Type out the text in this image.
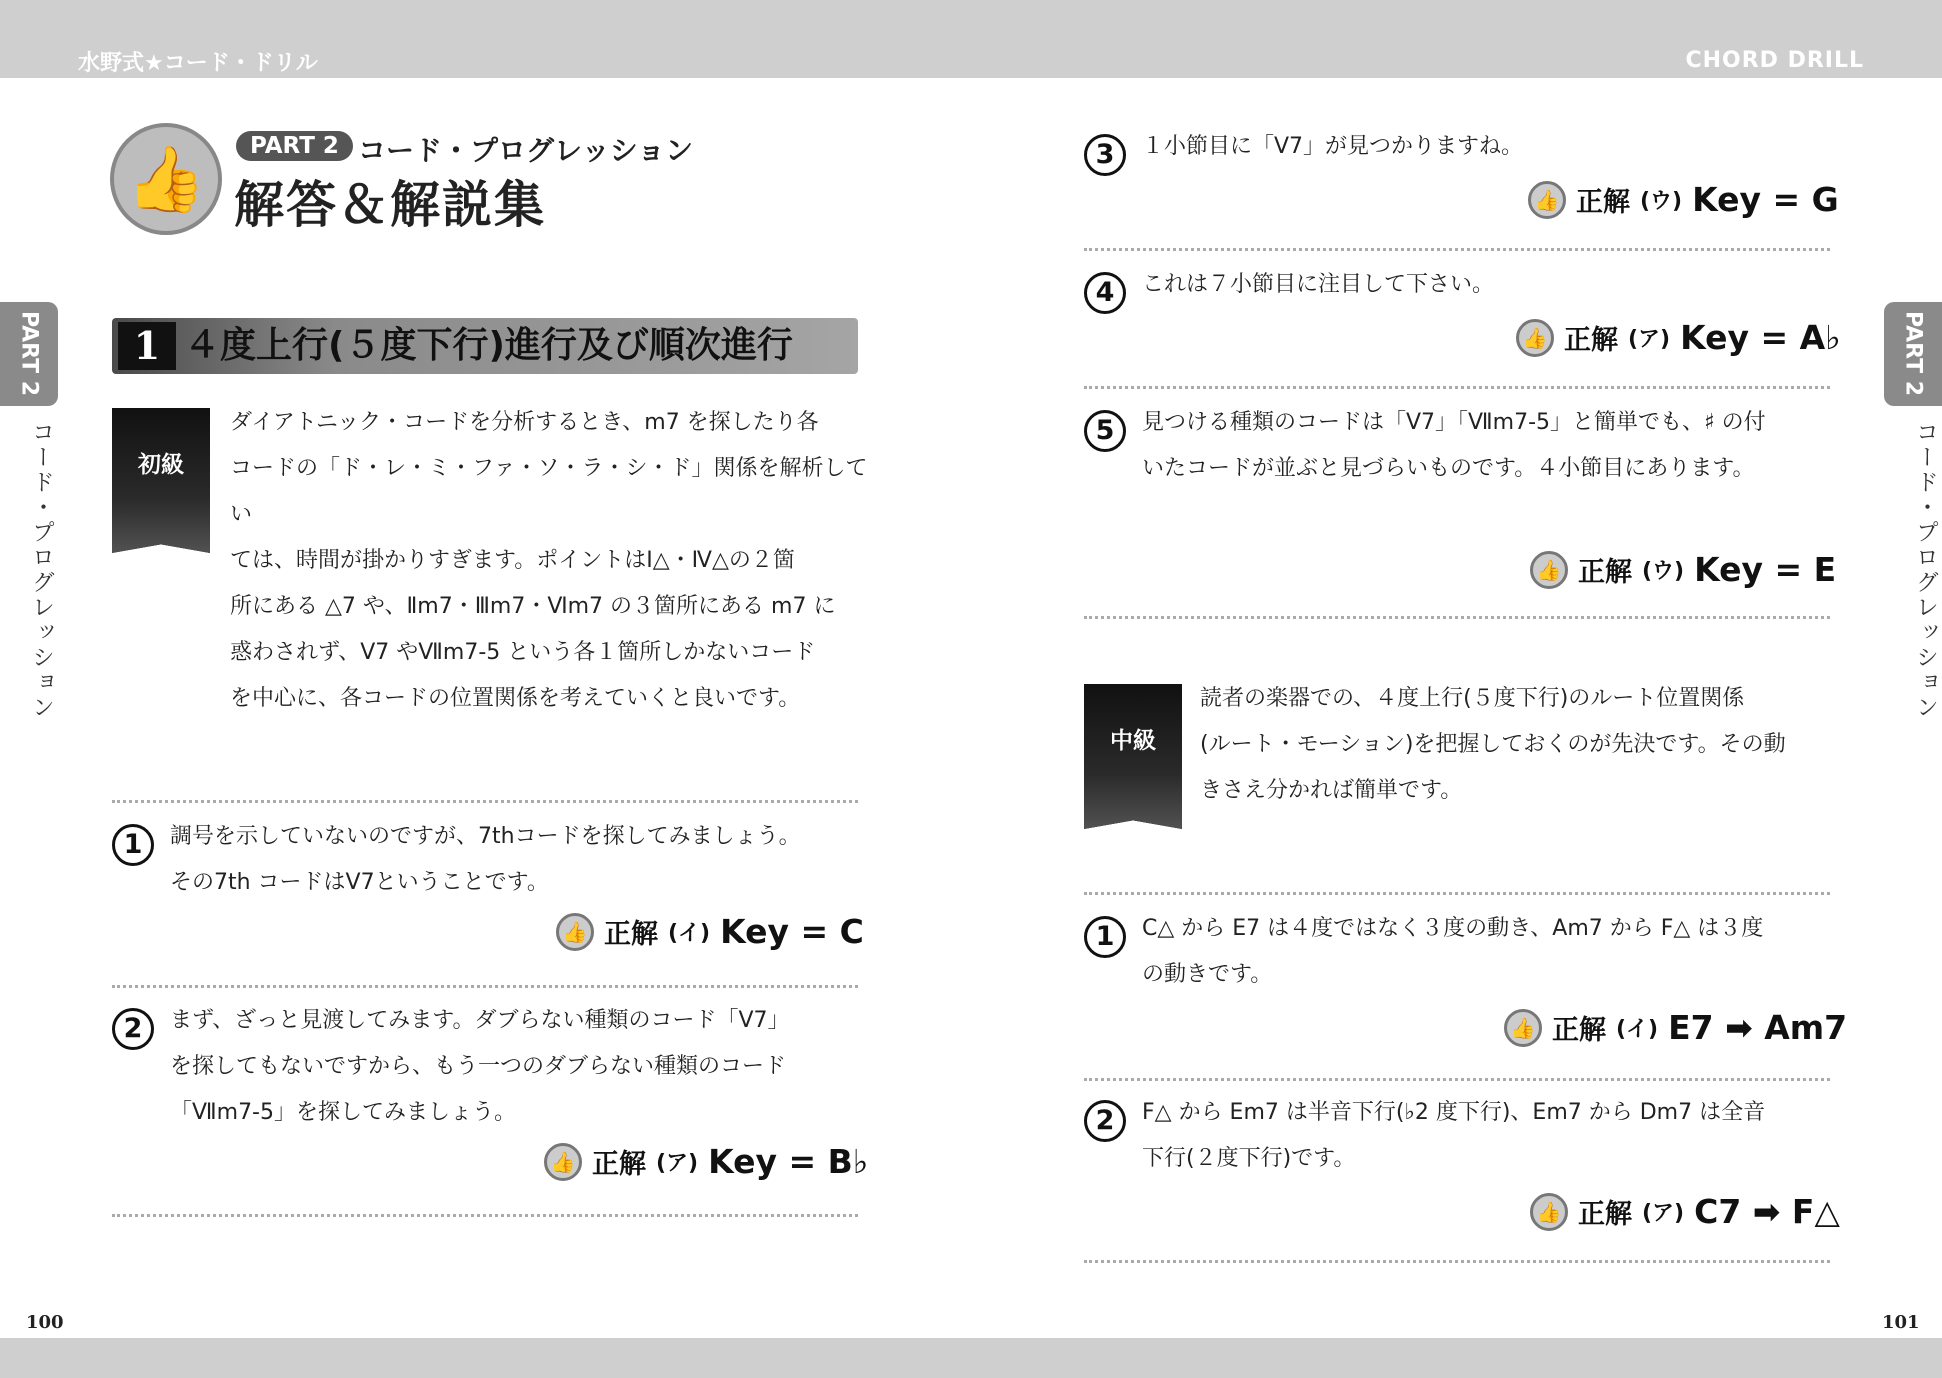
水野式★コード・ドリル	CHORD DRILL
100	101
PART 2
コード・プログレッション
PART 2
コード・プログレッション
👍	PART 2 コード・プログレッション
解答＆解説集
1 ４度上行(５度下行)進行及び順次進行
初級
ダイアトニック・コードを分析するとき、m7 を探したり各
コードの「ド・レ・ミ・ファ・ソ・ラ・シ・ド」関係を解析してい
ては、時間が掛かりすぎます。ポイントはⅠ△・Ⅳ△の２箇
所にある △7 や、Ⅱm7・Ⅲm7・Ⅵm7 の３箇所にある m7 に
惑わされず、Ⅴ7 やⅦm7-5 という各１箇所しかないコード
を中心に、各コードの位置関係を考えていくと良いです。
1	調号を示していないのですが、7thコードを探してみましょう。
その7th コードはⅤ7ということです。
👍 正解 (イ) Key = C
2	まず、ざっと見渡してみます。ダブらない種類のコード「Ⅴ7」
を探してもないですから、もう一つのダブらない種類のコード
「Ⅶm7-5」を探してみましょう。
👍 正解 (ア) Key = B♭
3	１小節目に「Ⅴ7」が見つかりますね。
👍 正解 (ウ) Key = G
4	これは７小節目に注目して下さい。
👍 正解 (ア) Key = A♭
5	見つける種類のコードは「Ⅴ7」「Ⅶm7-5」と簡単でも、♯ の付
いたコードが並ぶと見づらいものです。４小節目にあります。
👍 正解 (ウ) Key = E
中級
読者の楽器での、４度上行(５度下行)のルート位置関係
(ルート・モーション)を把握しておくのが先決です。その動
きさえ分かれば簡単です。
1	C△ から E7 は４度ではなく３度の動き、Am7 から F△ は３度
の動きです。
👍 正解 (イ) E7 ➡ Am7
2	F△ から Em7 は半音下行(♭2 度下行)、Em7 から Dm7 は全音
下行(２度下行)です。
👍 正解 (ア) C7 ➡ F△
